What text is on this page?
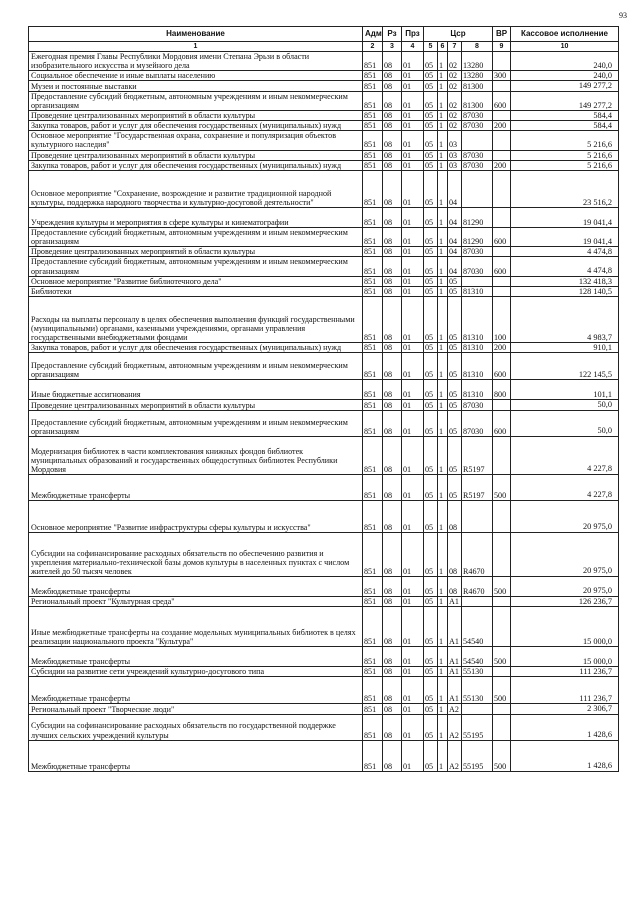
93
Наименование	Адм	Рз	Прз	Цср				ВР	Кассовое исполнение
1	2	3	4	5	6	7	8	9	10
Ежегодная премия Главы Республики Мордовия имени Степана Эрьзи в области изобразительного искусства и музейного дела	851	08	01	05	1	02	13280		240,0
Социальное обеспечение и иные выплаты населению	851	08	01	05	1	02	13280	300	240,0
Музеи и постоянные выставки	851	08	01	05	1	02	81300		149 277,2
Предоставление субсидий бюджетным, автономным учреждениям и иным некоммерческим организациям	851	08	01	05	1	02	81300	600	149 277,2
Проведение централизованных мероприятий в области культуры	851	08	01	05	1	02	87030		584,4
Закупка товаров, работ и услуг для обеспечения государственных (муниципальных) нужд	851	08	01	05	1	02	87030	200	584,4
Основное мероприятие "Государственная охрана, сохранение и популяризация объектов культурного наследия"	851	08	01	05	1	03			5 216,6
Проведение централизованных мероприятий в области культуры	851	08	01	05	1	03	87030		5 216,6
Закупка товаров, работ и услуг для обеспечения государственных (муниципальных) нужд	851	08	01	05	1	03	87030	200	5 216,6
Основное мероприятие "Сохранение, возрождение и развитие традиционной народной культуры, поддержка народного творчества и культурно-досуговой деятельности"	851	08	01	05	1	04			23 516,2
Учреждения культуры и мероприятия в сфере культуры и кинематографии	851	08	01	05	1	04	81290		19 041,4
Предоставление субсидий бюджетным, автономным учреждениям и иным некоммерческим организациям	851	08	01	05	1	04	81290	600	19 041,4
Проведение централизованных мероприятий в области культуры	851	08	01	05	1	04	87030		4 474,8
Предоставление субсидий бюджетным, автономным учреждениям и иным некоммерческим организациям	851	08	01	05	1	04	87030	600	4 474,8
Основное мероприятие "Развитие библиотечного дела"	851	08	01	05	1	05			132 418,3
Библиотеки	851	08	01	05	1	05	81310		128 140,5
Расходы на выплаты персоналу в целях обеспечения выполнения функций государственными (муниципальными) органами, казенными учреждениями, органами управления государственными внебюджетными фондами	851	08	01	05	1	05	81310	100	4 983,7
Закупка товаров, работ и услуг для обеспечения государственных (муниципальных) нужд	851	08	01	05	1	05	81310	200	910,1
Предоставление субсидий бюджетным, автономным учреждениям и иным некоммерческим организациям	851	08	01	05	1	05	81310	600	122 145,5
Иные бюджетные ассигнования	851	08	01	05	1	05	81310	800	101,1
Проведение централизованных мероприятий в области культуры	851	08	01	05	1	05	87030		50,0
Предоставление субсидий бюджетным, автономным учреждениям и иным некоммерческим организациям	851	08	01	05	1	05	87030	600	50,0
Модернизация библиотек в части комплектования книжных фондов библиотек муниципальных образований и государственных общедоступных библиотек Республики Мордовия	851	08	01	05	1	05	R5197		4 227,8
Межбюджетные трансферты	851	08	01	05	1	05	R5197	500	4 227,8
Основное мероприятие "Развитие инфраструктуры сферы культуры и искусства"	851	08	01	05	1	08			20 975,0
Субсидии на софинансирование расходных обязательств по обеспечению развития и укрепления материально-технической базы домов культуры в населенных пунктах с числом жителей до 50 тысяч человек	851	08	01	05	1	08	R4670		20 975,0
Межбюджетные трансферты	851	08	01	05	1	08	R4670	500	20 975,0
Региональный проект "Культурная среда"	851	08	01	05	1	A1			126 236,7
Иные межбюджетные трансферты на создание модельных муниципальных библиотек в целях реализации национального проекта "Культура"	851	08	01	05	1	A1	54540		15 000,0
Межбюджетные трансферты	851	08	01	05	1	A1	54540	500	15 000,0
Субсидии на развитие сети учреждений культурно-досугового типа	851	08	01	05	1	A1	55130		111 236,7
Межбюджетные трансферты	851	08	01	05	1	A1	55130	500	111 236,7
Региональный проект "Творческие люди"	851	08	01	05	1	A2			2 306,7
Субсидии на софинансирование расходных обязательств по государственной поддержке лучших сельских учреждений культуры	851	08	01	05	1	A2	55195		1 428,6
Межбюджетные трансферты	851	08	01	05	1	A2	55195	500	1 428,6
